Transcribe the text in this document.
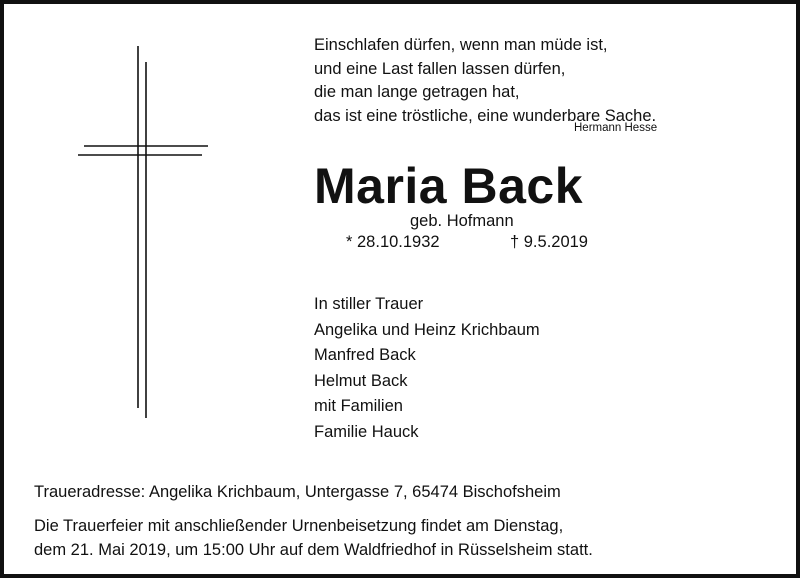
Einschlafen dürfen, wenn man müde ist,
und eine Last fallen lassen dürfen,
die man lange getragen hat,
das ist eine tröstliche, eine wunderbare Sache.
Hermann Hesse
Maria Back
geb. Hofmann
* 28.10.1932	† 9.5.2019
In stiller Trauer
Angelika und Heinz Krichbaum
Manfred Back
Helmut Back
mit Familien
Familie Hauck
Traueradresse: Angelika Krichbaum, Untergasse 7, 65474 Bischofsheim
Die Trauerfeier mit anschließender Urnenbeisetzung findet am Dienstag,
dem 21. Mai 2019, um 15:00 Uhr auf dem Waldfriedhof in Rüsselsheim statt.
